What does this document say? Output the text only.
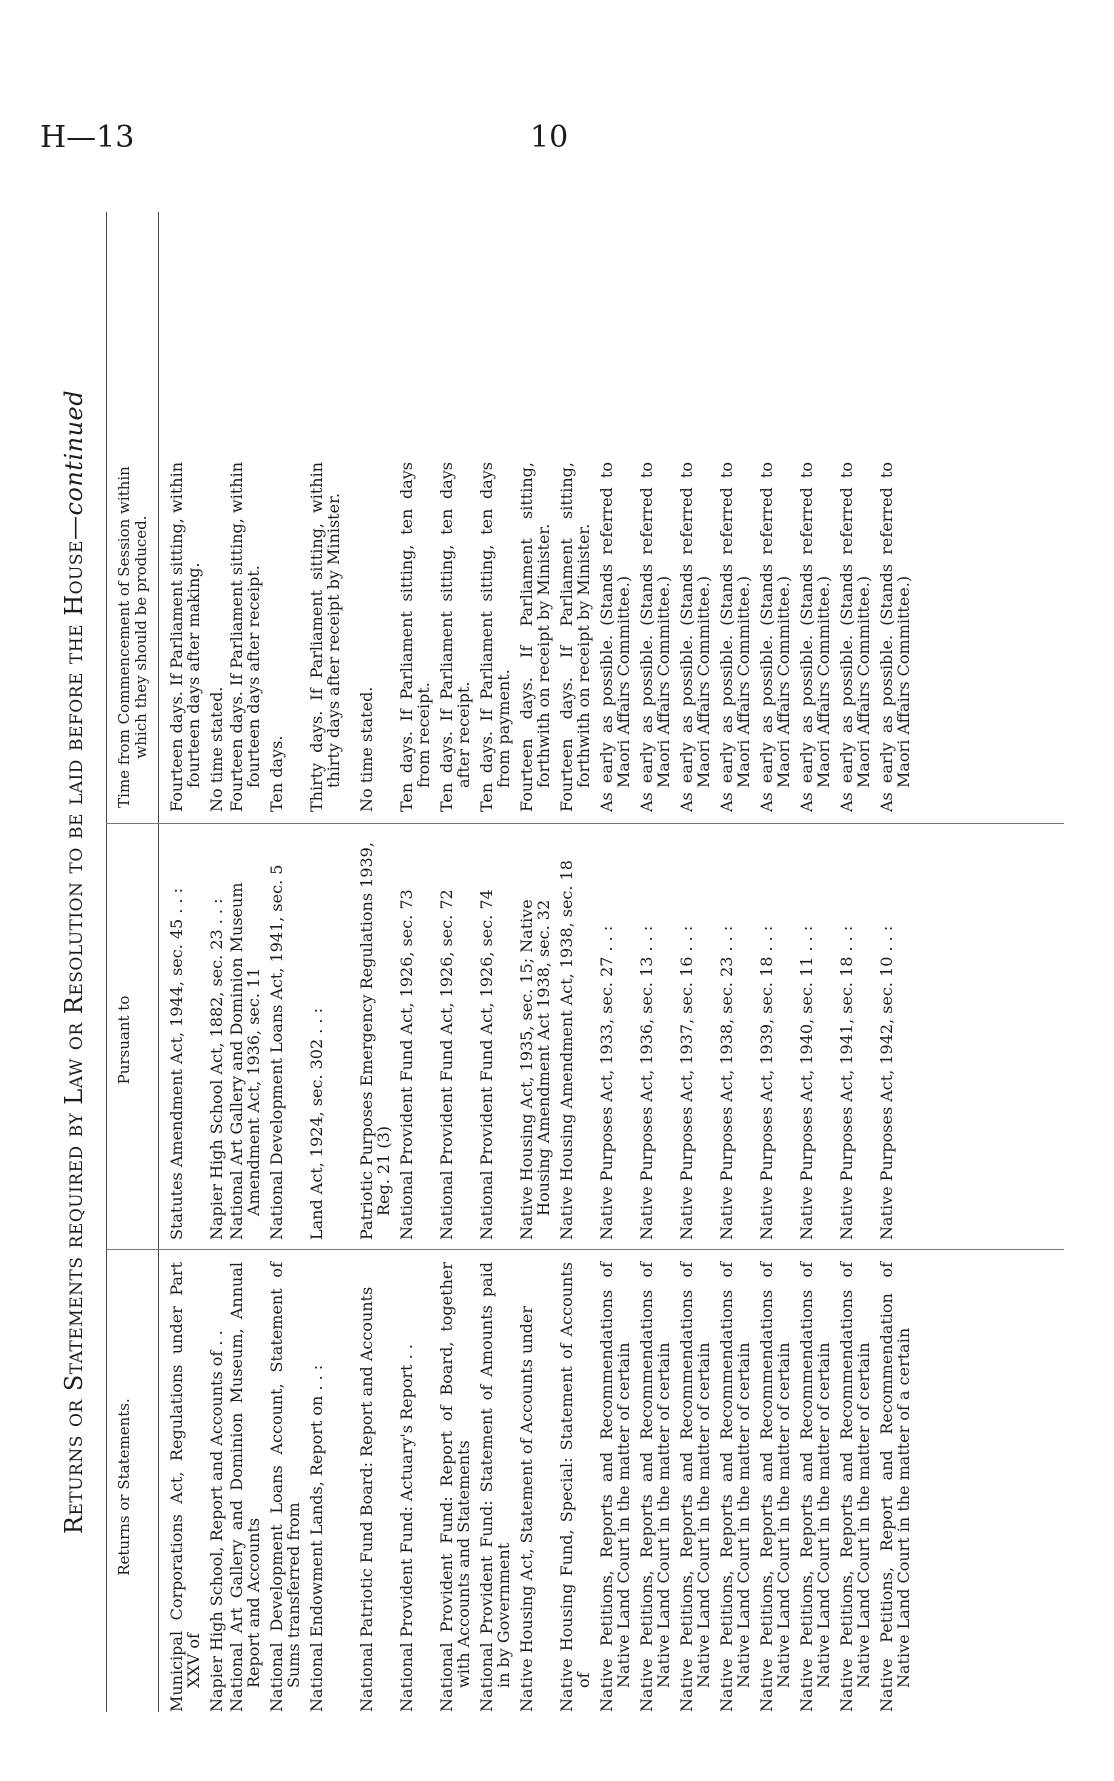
H—13	10
Returns or Statements required by Law or Resolution to be laid before the House—continued
Returns or Statements.
Pursuant to
Time from Commencement of Session within which they should be produced.
Municipal Corporations Act, Regulations under Part XXV of
Statutes Amendment Act, 1944, sec. 45 . . :
Fourteen days. If Parliament sitting, within fourteen days after making.
Napier High School, Report and Accounts of . .
Napier High School Act, 1882, sec. 23 . . :
No time stated.
National Art Gallery and Dominion Museum, Annual Report and Accounts
National Art Gallery and Dominion Museum Amendment Act, 1936, sec. 11
Fourteen days. If Parliament sitting, within fourteen days after receipt.
National Development Loans Account, Statement of Sums transferred from
National Development Loans Act, 1941, sec. 5
Ten days.
National Endowment Lands, Report on . . :
Land Act, 1924, sec. 302 . . :
Thirty days. If Parliament sitting, within thirty days after receipt by Minister.
National Patriotic Fund Board: Report and Accounts
Patriotic Purposes Emergency Regulations 1939, Reg. 21 (3)
No time stated.
National Provident Fund: Actuary's Report . .
National Provident Fund Act, 1926, sec. 73
Ten days. If Parliament sitting, ten days from receipt.
National Provident Fund: Report of Board, together with Accounts and Statements
National Provident Fund Act, 1926, sec. 72
Ten days. If Parliament sitting, ten days after receipt.
National Provident Fund: Statement of Amounts paid in by Government
National Provident Fund Act, 1926, sec. 74
Ten days. If Parliament sitting, ten days from payment.
Native Housing Act, Statement of Accounts under
Native Housing Act, 1935, sec. 15; Native Housing Amendment Act 1938, sec. 32
Fourteen days. If Parliament sitting, forthwith on receipt by Minister.
Native Housing Fund, Special: Statement of Accounts of
Native Housing Amendment Act, 1938, sec. 18
Fourteen days. If Parliament sitting, forthwith on receipt by Minister.
Native Petitions, Reports and Recommendations of Native Land Court in the matter of certain
Native Purposes Act, 1933, sec. 27 . . :
As early as possible. (Stands referred to Maori Affairs Committee.)
Native Petitions, Reports and Recommendations of Native Land Court in the matter of certain
Native Purposes Act, 1936, sec. 13 . . :
As early as possible. (Stands referred to Maori Affairs Committee.)
Native Petitions, Reports and Recommendations of Native Land Court in the matter of certain
Native Purposes Act, 1937, sec. 16 . . :
As early as possible. (Stands referred to Maori Affairs Committee.)
Native Petitions, Reports and Recommendations of Native Land Court in the matter of certain
Native Purposes Act, 1938, sec. 23 . . :
As early as possible. (Stands referred to Maori Affairs Committee.)
Native Petitions, Reports and Recommendations of Native Land Court in the matter of certain
Native Purposes Act, 1939, sec. 18 . . :
As early as possible. (Stands referred to Maori Affairs Committee.)
Native Petitions, Reports and Recommendations of Native Land Court in the matter of certain
Native Purposes Act, 1940, sec. 11 . . :
As early as possible. (Stands referred to Maori Affairs Committee.)
Native Petitions, Reports and Recommendations of Native Land Court in the matter of certain
Native Purposes Act, 1941, sec. 18 . . :
As early as possible. (Stands referred to Maori Affairs Committee.)
Native Petitions, Report and Recommendation of Native Land Court in the matter of a certain
Native Purposes Act, 1942, sec. 10 . . :
As early as possible. (Stands referred to Maori Affairs Committee.)
